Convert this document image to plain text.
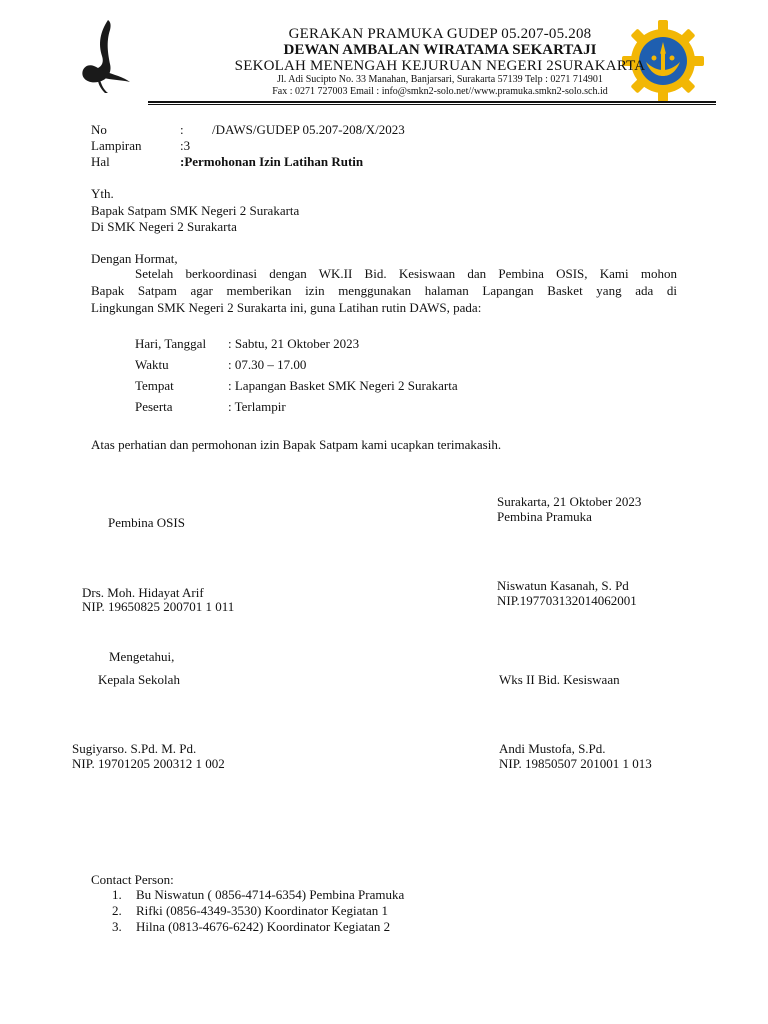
GERAKAN PRAMUKA GUDEP 05.207-05.208
DEWAN AMBALAN WIRATAMA SEKARTAJI
SEKOLAH MENENGAH KEJURUAN NEGERI 2SURAKARTA
Jl. Adi Sucipto No. 33 Manahan, Banjarsari, Surakarta 57139 Telp : 0271 714901
Fax : 0271 727003 Email : info@smkn2-solo.net//www.pramuka.smkn2-solo.sch.id
No	: /DAWS/GUDEP 05.207-208/X/2023
Lampiran	:3
Hal	:Permohonan Izin Latihan Rutin
Yth.
Bapak Satpam SMK Negeri 2 Surakarta
Di SMK Negeri 2 Surakarta
Dengan Hormat,
Setelah berkoordinasi dengan WK.II Bid. Kesiswaan dan Pembina OSIS, Kami mohon
Bapak Satpam agar memberikan izin menggunakan halaman Lapangan Basket yang ada di
Lingkungan SMK Negeri 2 Surakarta ini, guna Latihan rutin DAWS, pada:
Hari, Tanggal : Sabtu, 21 Oktober 2023
Waktu	: 07.30 – 17.00
Tempat	: Lapangan Basket SMK Negeri 2 Surakarta
Peserta	: Terlampir
Atas perhatian dan permohonan izin Bapak Satpam kami ucapkan terimakasih.
Surakarta, 21 Oktober 2023
Pembina Pramuka
Pembina OSIS
Niswatun Kasanah, S. Pd
NIP.197703132014062001
Drs. Moh. Hidayat Arif
NIP. 19650825 200701 1 011
Mengetahui,
Kepala Sekolah	Wks II Bid. Kesiswaan
Sugiyarso. S.Pd. M. Pd.
NIP. 19701205 200312 1 002
Andi Mustofa, S.Pd.
NIP. 19850507 201001 1 013
Contact Person:
1. Bu Niswatun ( 0856-4714-6354) Pembina Pramuka
2. Rifki (0856-4349-3530) Koordinator Kegiatan 1
3. Hilna (0813-4676-6242) Koordinator Kegiatan 2
